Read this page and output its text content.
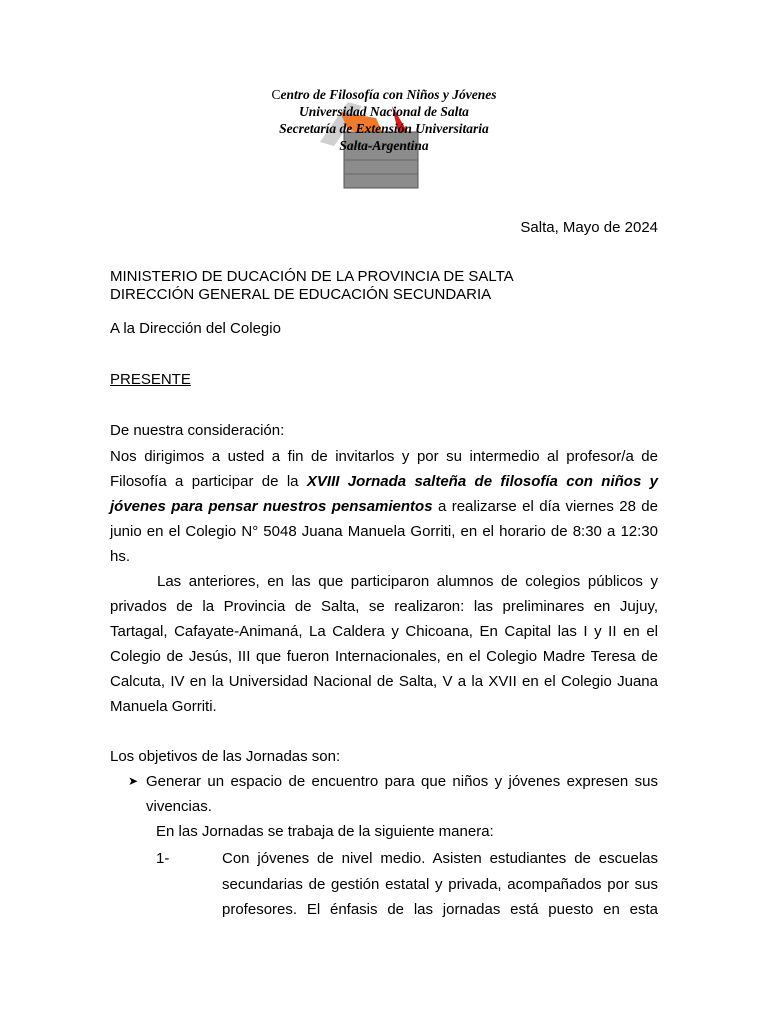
Centro de Filosofía con Niños y Jóvenes
Universidad Nacional de Salta
Secretaría de Extensión Universitaria
Salta-Argentina
Salta, Mayo de 2024
MINISTERIO DE DUCACIÓN DE LA PROVINCIA DE SALTA
DIRECCIÓN GENERAL DE EDUCACIÓN SECUNDARIA
A la Dirección del Colegio
PRESENTE
De nuestra consideración:
Nos dirigimos a usted a fin de invitarlos y por su intermedio al profesor/a de Filosofía a participar de la XVIII Jornada salteña de filosofía con niños y jóvenes para pensar nuestros pensamientos a realizarse el día viernes 28 de junio en el Colegio N° 5048 Juana Manuela Gorriti, en el horario de 8:30 a 12:30 hs.
Las anteriores, en las que participaron alumnos de colegios públicos y privados de la Provincia de Salta, se realizaron: las preliminares en Jujuy, Tartagal, Cafayate-Animaná, La Caldera y Chicoana, En Capital las I y II en el Colegio de Jesús, III que fueron Internacionales, en el Colegio Madre Teresa de Calcuta, IV en la Universidad Nacional de Salta, V a la XVII en el Colegio Juana Manuela Gorriti.
Los objetivos de las Jornadas son:
➤ Generar un espacio de encuentro para que niños y jóvenes expresen sus vivencias.
En las Jornadas se trabaja de la siguiente manera:
1-	Con jóvenes de nivel medio. Asisten estudiantes de escuelas secundarias de gestión estatal y privada, acompañados por sus profesores. El énfasis de las jornadas está puesto en esta
